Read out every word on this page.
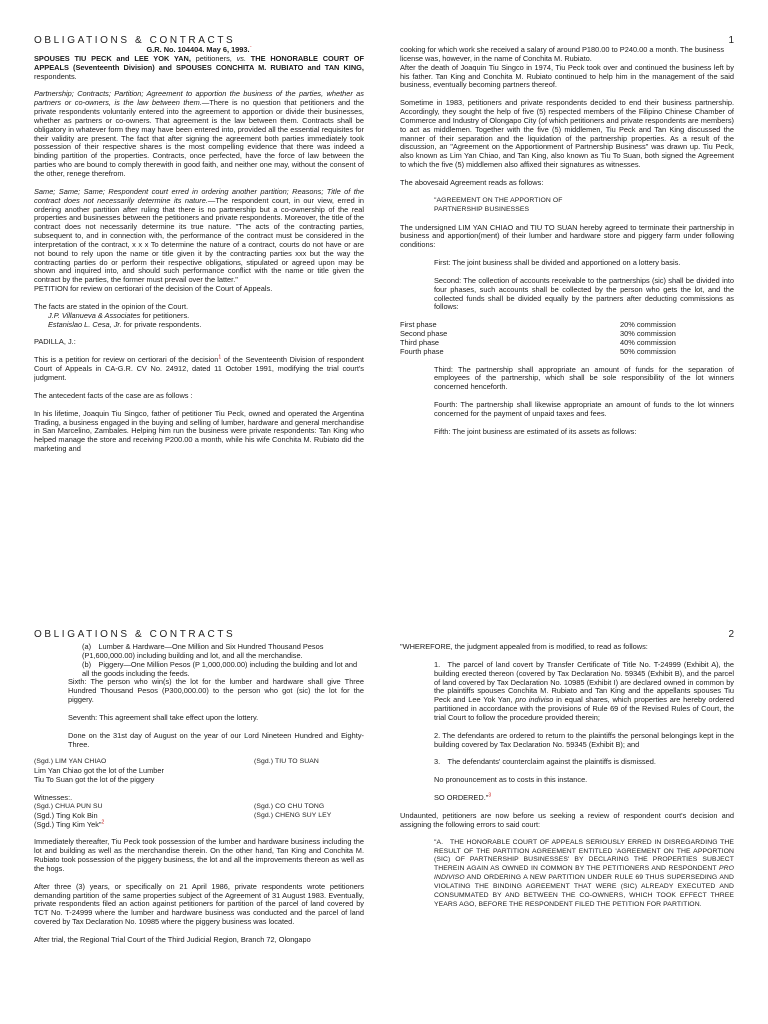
OBLIGATIONS & CONTRACTS	1
G.R. No. 104404. May 6, 1993.*

SPOUSES TIU PECK and LEE YOK YAN, petitioners, vs. THE HONORABLE COURT OF APPEALS (Seventeenth Division) and SPOUSES CONCHITA M. RUBIATO and TAN KING, respondents.

Partnership; Contracts; Partition; Agreement to apportion the business of the parties, whether as partners or co-owners, is the law between them.—There is no question that petitioners and the private respondents voluntarily entered into the agreement to apportion or divide their businesses, whether as partners or co-owners. That agreement is the law between them. Contracts shall be obligatory in whatever form they may have been entered into, provided all the essential requisites for their validity are present. The fact that after signing the agreement both parties immediately took possession of their respective shares is the most compelling evidence that there was indeed a binding partition of the properties. Contracts, once perfected, have the force of law between the parties who are bound to comply therewith in good faith, and neither one may, without the consent of the other, renege therefrom.

Same; Same; Same; Respondent court erred in ordering another partition; Reasons; Title of the contract does not necessarily determine its nature.—The respondent court, in our view, erred in ordering another partition after ruling that there is no partnership but a co-ownership of the real properties and businesses between the petitioners and private respondents. Moreover, the title of the contract does not necessarily determine its true nature. "The acts of the contracting parties, subsequent to, and in connection with, the performance of the contract must be considered in the interpretation of the contract, x x x To determine the nature of a contract, courts do not have or are not bound to rely upon the name or title given it by the contracting parties xxx but the way the contracting parties do or perform their respective obligations, stipulated or agreed upon may be shown and inquired into, and should such performance conflict with the name or title given the contract by the parties, the former must prevail over the latter."

PETITION for review on certiorari of the decision of the Court of Appeals.

The facts are stated in the opinion of the Court.
J.P. Villanueva & Associates for petitioners.
Estanislao L. Cesa, Jr. for private respondents.

PADILLA, J.:

This is a petition for review on certiorari of the decision$^1$ of the Seventeenth Division of respondent Court of Appeals in CA-G.R. CV No. 24912, dated 11 October 1991, modifying the trial court's judgment.

The antecedent facts of the case are as follows :

In his lifetime, Joaquin Tiu Singco, father of petitioner Tiu Peck, owned and operated the Argentina Trading, a business engaged in the buying and selling of lumber, hardware and general merchandise in San Marcelino, Zambales. Helping him run the business were private respondents: Tan King who helped manage the store and receiving P200.00 a month, while his wife Conchita M. Rubiato did the marketing and

cooking for which work she received a salary of around P180.00 to P240.00 a month. The business license was, however, in the name of Conchita M. Rubiato.

After the death of Joaquin Tiu Singco in 1974, Tiu Peck took over and continued the business left by his father. Tan King and Conchita M. Rubiato continued to help him in the management of the said business, eventually becoming partners thereof.

Sometime in 1983, petitioners and private respondents decided to end their business partnership. Accordingly, they sought the help of five (5) respected members of the Filipino Chinese Chamber of Commerce and Industry of Olongapo City (of which petitioners and private respondents are members) to act as middlemen. Together with the five (5) middlemen, Tiu Peck and Tan King discussed the manner of their separation and the liquidation of the partnership properties. As a result of the discussion, an "Agreement on the Apportionment of Partnership Business" was drawn up. Tiu Peck, also known as Lim Yan Chiao, and Tan King, also known as Tiu To Suan, both signed the Agreement to which the five (5) middlemen also affixed their signatures as witnesses.

The abovesaid Agreement reads as follows:

"AGREEMENT ON THE APPORTION OF

PARTNERSHIP BUSINESSES

The undersigned LIM YAN CHIAO and TIU TO SUAN hereby agreed to terminate their partnership in business and apportion(ment) of their lumber and hardware store and piggery farm under following conditions:

First: The joint business shall be divided and apportioned on a lottery basis.

Second: The collection of accounts receivable to the partnerships (sic) shall be divided into four phases, such accounts shall be collected by the person who gets the lot, and the collected funds shall be divided equally by the partners after deducting commissions as follows:

First phase	20% commission
Second phase	30% commission
Third phase	40% commission
Fourth phase	50% commission

Third: The partnership shall appropriate an amount of funds for the separation of employees of the partnership, which shall be sole responsibility of the lot winners concerned henceforth.

Fourth: The partnership shall likewise appropriate an amount of funds to the lot winners concerned for the payment of unpaid taxes and fees.

Fifth: The joint business are estimated of its assets as follows:

OBLIGATIONS & CONTRACTS	2
(a) Lumber & Hardware—One Million and Six Hundred Thousand Pesos (P1,600,000.00) including building and lot, and all the merchandise.
(b) Piggery—One Million Pesos (P 1,000,000.00) including the building and lot and all the goods including the feeds.

Sixth: The person who win(s) the lot for the lumber and hardware shall give Three Hundred Thousand Pesos (P300,000.00) to the person who got (sic) the lot for the piggery.

Seventh: This agreement shall take effect upon the lottery.

Done on the 31st day of August on the year of our Lord Nineteen Hundred and Eighty-Three.

(Sgd.) LIM YAN CHIAO	(Sgd.) TIU TO SUAN
Lim Yan Chiao got the lot of the Lumber

Tiu To Suan got the lot of the piggery

Witnesses:.
(Sgd.) CHUA PUN SU	(Sgd.) CO CHU TONG
(Sgd.) Ting Kok Bin	(Sgd.) CHENG SUY LEY

(Sgd.) Ting Kim Yek"$^2$

Immediately thereafter, Tiu Peck took possession of the lumber and hardware business including the lot and building as well as the merchandise therein. On the other hand, Tan King and Conchita M. Rubiato took possession of the piggery business, the lot and all the improvements thereon as well as the hogs.

After three (3) years, or specifically on 21 April 1986, private respondents wrote petitioners demanding partition of the same properties subject of the Agreement of 31 August 1983. Eventually, private respondents filed an action against petitioners for partition of the parcel of land covered by TCT No. T-24999 where the lumber and hardware business was conducted and the parcel of land covered by Tax Declaration No. 10985 where the piggery business was located.

After trial, the Regional Trial Court of the Third Judicial Region, Branch 72, Olongapo

"WHEREFORE, the judgment appealed from is modified, to read as follows:

1. The parcel of land covert by Transfer Certificate of Title No. T-24999 (Exhibit A), the building erected thereon (covered by Tax Declaration No. 59345 (Exhibit B), and the parcel of land covered by Tax Declaration No. 10985 (Exhibit I) are declared owned in common by the plaintiffs spouses Conchita M. Rubiato and Tan King and the appellants spouses Tiu Peck and Lee Yok Yan, pro indiviso in equal shares, which properties are hereby ordered partitioned in accordance with the provisions of Rule 69 of the Revised Rules of Court, the trial Court to follow the procedure provided therein;

2. The defendants are ordered to return to the plaintiffs the personal belongings kept in the building covered by Tax Declaration No. 59345 (Exhibit B); and

3. The defendants' counterclaim against the plaintiffs is dismissed.

No pronouncement as to costs in this instance.

SO ORDERED."$^3$

Undaunted, petitioners are now before us seeking a review of respondent court's decision and assigning the following errors to said court:

"A. THE HONORABLE COURT OF APPEALS SERIOUSLY ERRED IN DISREGARDING THE RESULT OF THE PARTITION AGREEMENT ENTITLED 'AGREEMENT ON THE APPORTION (SIC) OF PARTNERSHIP BUSINESSES' BY DECLARING THE PROPERTIES SUBJECT THEREIN AGAIN AS OWNED IN COMMON BY THE PETITIONERS AND RESPONDENT PRO INDIVISO AND ORDERING A NEW PARTITION UNDER RULE 69 THUS SUPERSEDING AND VIOLATING THE BINDING AGREEMENT THAT WERE (SIC) ALREADY EXECUTED AND CONSUMMATED BY AND BETWEEN THE CO-OWNERS, WHICH TOOK EFFECT THREE YEARS AGO, BEFORE THE RESPONDENT FILED THE PETITION FOR PARTITION.
